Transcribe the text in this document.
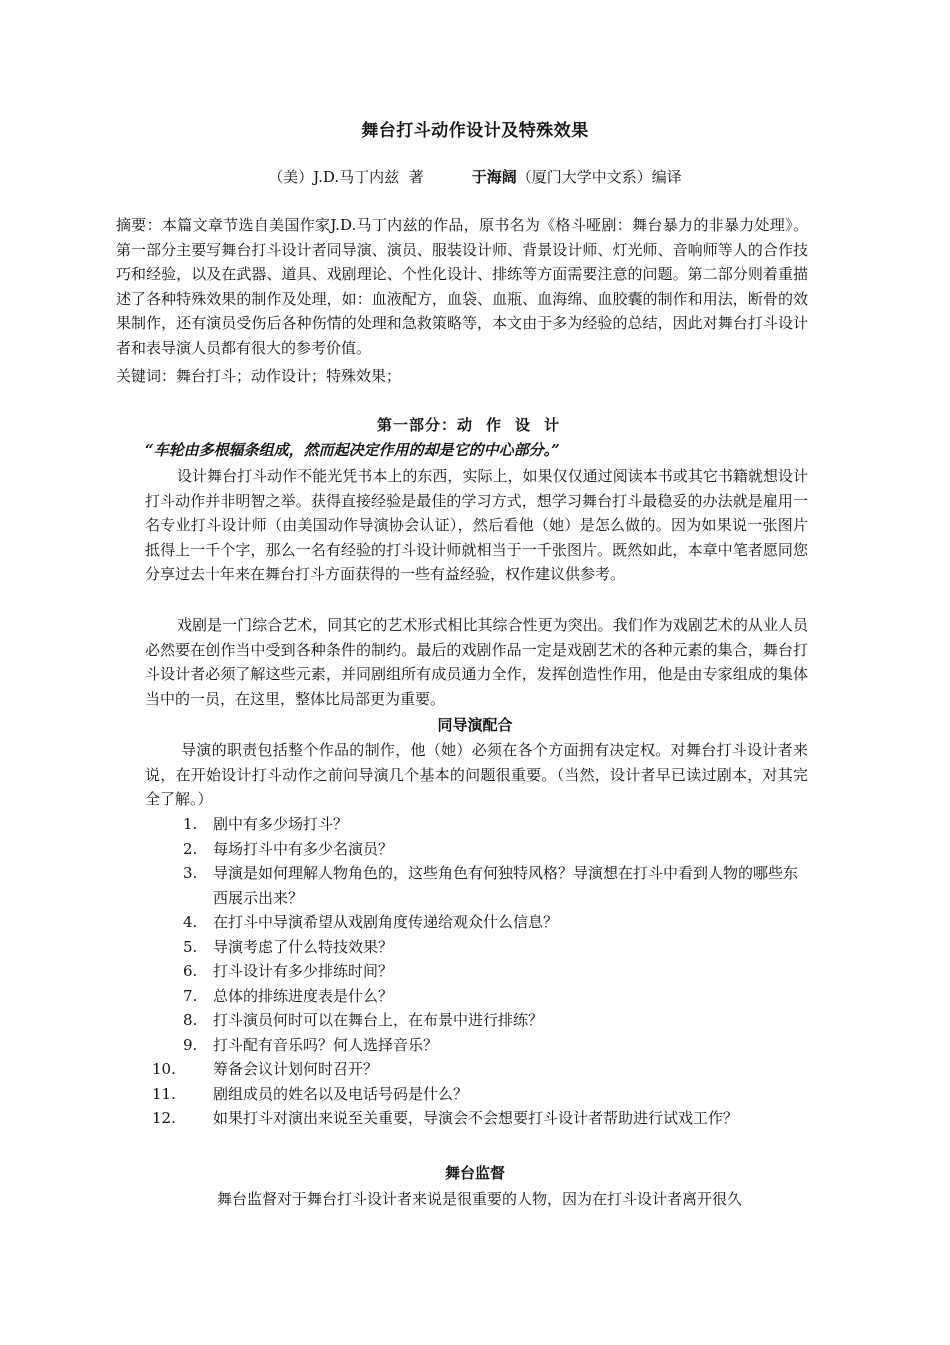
舞台打斗动作设计及特殊效果
（美）J.D.马丁内兹  著	于海阔（厦门大学中文系）编译
摘要：本篇文章节选自美国作家J.D.马丁内兹的作品，原书名为《格斗哑剧：舞台暴力的非暴力处理》。第一部分主要写舞台打斗设计者同导演、演员、服装设计师、背景设计师、灯光师、音响师等人的合作技巧和经验，以及在武器、道具、戏剧理论、个性化设计、排练等方面需要注意的问题。第二部分则着重描述了各种特殊效果的制作及处理，如：血液配方，血袋、血瓶、血海绵、血胶囊的制作和用法，断骨的效果制作，还有演员受伤后各种伤情的处理和急救策略等，本文由于多为经验的总结，因此对舞台打斗设计者和表导演人员都有很大的参考价值。
关键词：舞台打斗；动作设计；特殊效果；
第一部分：动作设计
“车轮由多根辐条组成，然而起决定作用的却是它的中心部分。”
设计舞台打斗动作不能光凭书本上的东西，实际上，如果仅仅通过阅读本书或其它书籍就想设计打斗动作并非明智之举。获得直接经验是最佳的学习方式，想学习舞台打斗最稳妥的办法就是雇用一名专业打斗设计师（由美国动作导演协会认证），然后看他（她）是怎么做的。因为如果说一张图片抵得上一千个字，那么一名有经验的打斗设计师就相当于一千张图片。既然如此，本章中笔者愿同您分享过去十年来在舞台打斗方面获得的一些有益经验，权作建议供参考。
戏剧是一门综合艺术，同其它的艺术形式相比其综合性更为突出。我们作为戏剧艺术的从业人员必然要在创作当中受到各种条件的制约。最后的戏剧作品一定是戏剧艺术的各种元素的集合，舞台打斗设计者必须了解这些元素，并同剧组所有成员通力全作，发挥创造性作用，他是由专家组成的集体当中的一员，在这里，整体比局部更为重要。
同导演配合
导演的职责包括整个作品的制作，他（她）必须在各个方面拥有决定权。对舞台打斗设计者来说，在开始设计打斗动作之前问导演几个基本的问题很重要。（当然，设计者早已读过剧本，对其完全了解。）
1. 剧中有多少场打斗？
2. 每场打斗中有多少名演员？
3. 导演是如何理解人物角色的，这些角色有何独特风格？导演想在打斗中看到人物的哪些东西展示出来？
4. 在打斗中导演希望从戏剧角度传递给观众什么信息？
5. 导演考虑了什么特技效果？
6. 打斗设计有多少排练时间？
7. 总体的排练进度表是什么？
8. 打斗演员何时可以在舞台上，在布景中进行排练？
9. 打斗配有音乐吗？何人选择音乐？
10.	筹备会议计划何时召开？
11.	剧组成员的姓名以及电话号码是什么？
12.	如果打斗对演出来说至关重要，导演会不会想要打斗设计者帮助进行试戏工作？
舞台监督
舞台监督对于舞台打斗设计者来说是很重要的人物，因为在打斗设计者离开很久
